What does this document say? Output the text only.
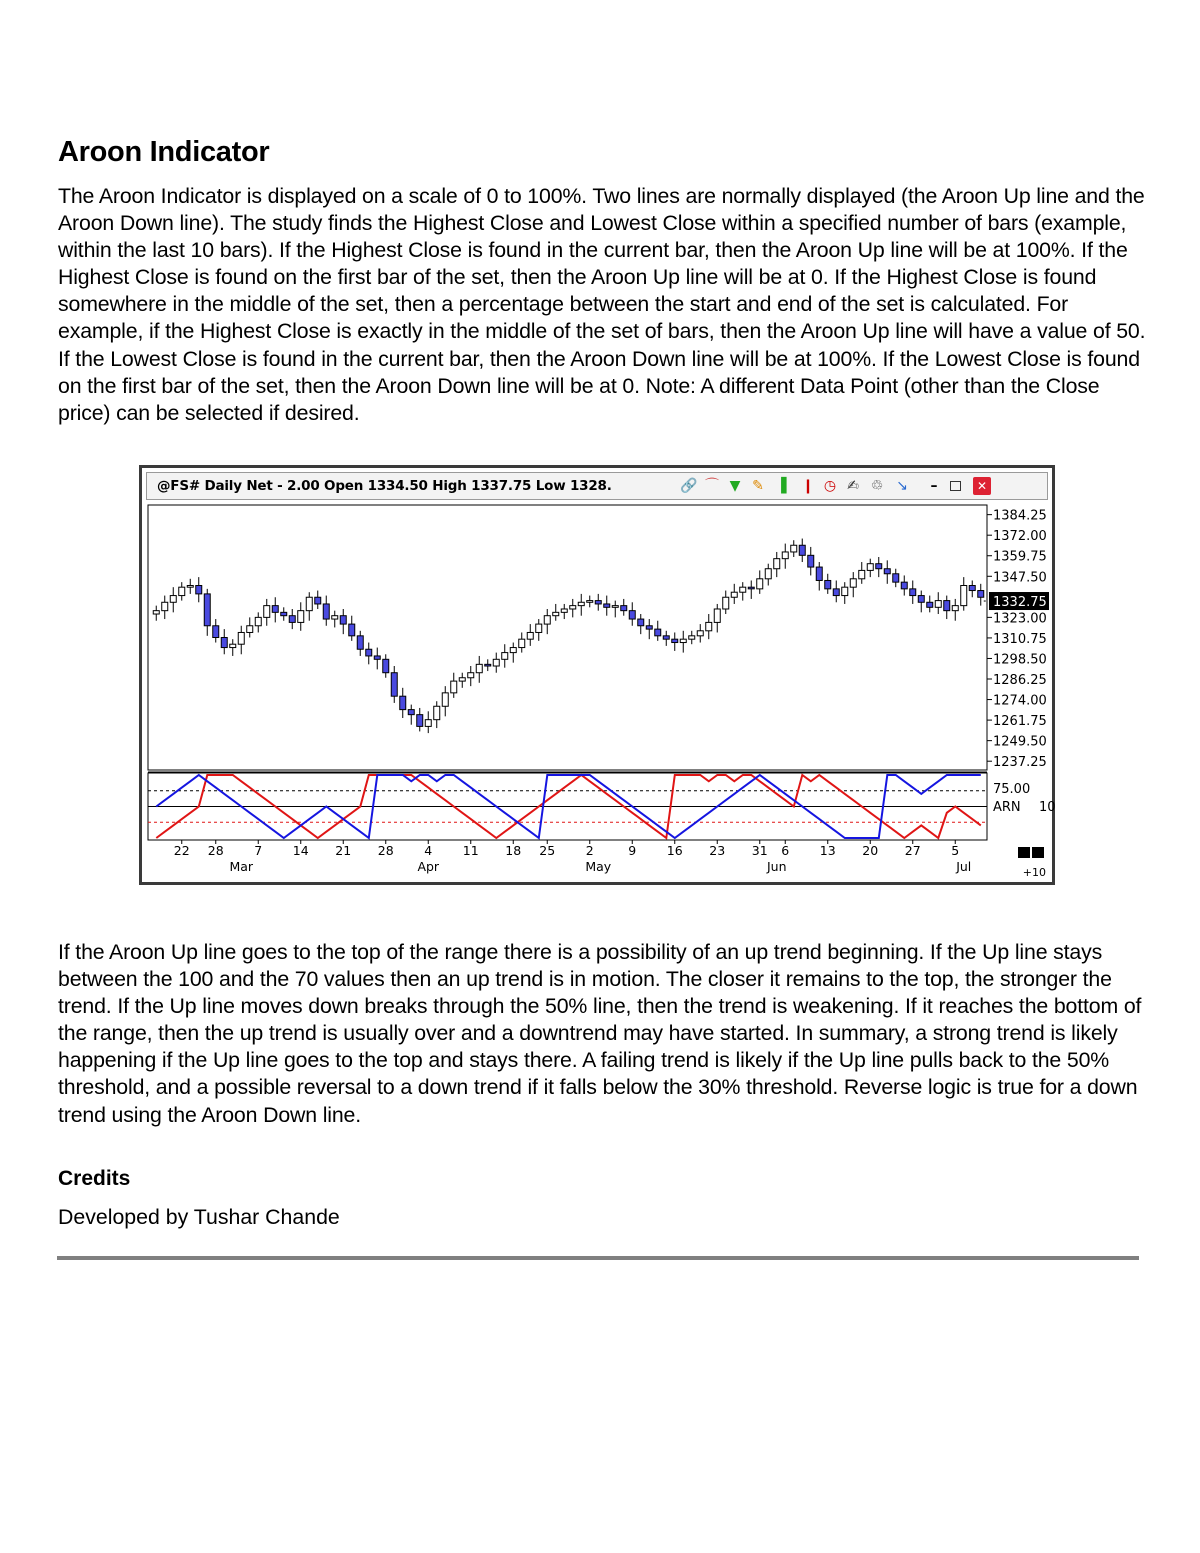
Aroon Indicator

The Aroon Indicator is displayed on a scale of 0 to 100%. Two lines are normally displayed (the Aroon Up line and the Aroon Down line). The study finds the Highest Close and Lowest Close within a specified number of bars (example, within the last 10 bars). If the Highest Close is found in the current bar, then the Aroon Up line will be at 100%. If the Highest Close is found on the first bar of the set, then the Aroon Up line will be at 0. If the Highest Close is found somewhere in the middle of the set, then a percentage between the start and end of the set is calculated. For example, if the Highest Close is exactly in the middle of the set of bars, then the Aroon Up line will have a value of 50. If the Lowest Close is found in the current bar, then the Aroon Down line will be at 100%. If the Lowest Close is found on the first bar of the set, then the Aroon Down line will be at 0. Note: A different Data Point (other than the Close price) can be selected if desired.

@FS# Daily Net - 2.00 Open 1334.50 High 1337.75 Low 1328.	🔗 ⌒ ▼ ✎ ▐ ❙ ◷ ✍ ♲ ↘	–	✕
1384.25
1372.00
1359.75
1347.50
1323.00
1310.75
1298.50
1286.25
1274.00
1261.75
1249.50
1237.25
1332.75
75.00
ARN 10
22 28 7 14 21 28 4 11 18 25 2	9 16 23 31 6 13 20 27 5
Mar	Apr	May	Jun	Jul	+10

If the Aroon Up line goes to the top of the range there is a possibility of an up trend beginning. If the Up line stays between the 100 and the 70 values then an up trend is in motion. The closer it remains to the top, the stronger the trend. If the Up line moves down breaks through the 50% line, then the trend is weakening. If it reaches the bottom of the range, then the up trend is usually over and a downtrend may have started. In summary, a strong trend is likely happening if the Up line goes to the top and stays there. A failing trend is likely if the Up line pulls back to the 50% threshold, and a possible reversal to a down trend if it falls below the 30% threshold. Reverse logic is true for a down trend using the Aroon Down line.

Credits

Developed by Tushar Chande
